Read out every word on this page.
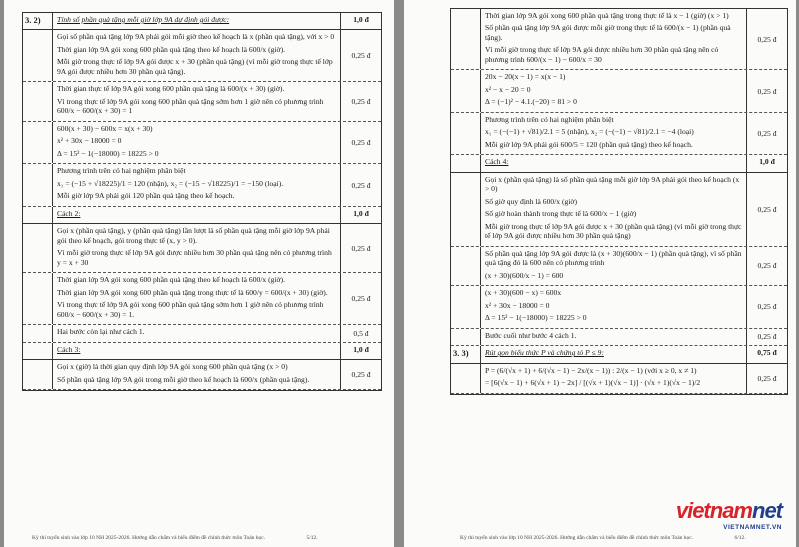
3. 2)	Tính số phần quà tặng mỗi giờ lớp 9A dự định gói được:	1,0 đ
Gọi số phần quà tặng lớp 9A phải gói mỗi giờ theo kế hoạch là x (phần quà tặng), với x > 0
Thời gian lớp 9A gói xong 600 phần quà tặng theo kế hoạch là 600/x (giờ).
Mỗi giờ trong thực tế lớp 9A gói được x + 30 (phần quà tặng) (vì mỗi giờ trong thực tế lớp 9A gói được nhiều hơn 30 phần quà tặng).
0,25 đ
Thời gian thực tế lớp 9A gói xong 600 phần quà tặng là 600/(x + 30) (giờ).
Vì trong thực tế lớp 9A gói xong 600 phần quà tặng sớm hơn 1 giờ nên có phương trình 600/x − 600/(x + 30) = 1
0,25 đ
600(x + 30) − 600x = x(x + 30)
x² + 30x − 18000 = 0
Δ = 15² − 1(−18000) = 18225 > 0
0,25 đ
Phương trình trên có hai nghiệm phân biệt
x₁ = (−15 + √18225)/1 = 120 (nhận), x₂ = (−15 − √18225)/1 = −150 (loại).
Mỗi giờ lớp 9A phải gói 120 phần quà tặng theo kế hoạch.
0,25 đ
Cách 2:	1,0 đ
Gọi x (phần quà tặng), y (phần quà tặng) lần lượt là số phần quà tặng mỗi giờ lớp 9A phải gói theo kế hoạch, gói trong thực tế (x, y > 0).
Vì mỗi giờ trong thực tế lớp 9A gói được nhiều hơn 30 phần quà tặng nên có phương trình y = x + 30
0,25 đ
Thời gian lớp 9A gói xong 600 phần quà tặng theo kế hoạch là 600/x (giờ).
Thời gian lớp 9A gói xong 600 phần quà tặng trong thực tế là 600/y = 600/(x + 30) (giờ).
Vì trong thực tế lớp 9A gói xong 600 phần quà tặng sớm hơn 1 giờ nên có phương trình 600/x − 600/(x + 30) = 1.
0,25 đ
Hai bước còn lại như cách 1.	0,5 đ
Cách 3:	1,0 đ
Gọi x (giờ) là thời gian quy định lớp 9A gói xong 600 phần quà tặng (x > 0)
Số phần quà tặng lớp 9A gói trong mỗi giờ theo kế hoạch là 600/x (phần quà tặng).	0,25 đ
Kỳ thi tuyển sinh vào lớp 10 NH 2025-2026. Hướng dẫn chấm và biểu điểm đề chính thức môn Toán học.	5/12.
Thời gian lớp 9A gói xong 600 phần quà tặng trong thực tế là x − 1 (giờ) (x > 1)
Số phần quà tặng lớp 9A gói được mỗi giờ trong thực tế là 600/(x − 1) (phần quà tặng).
Vì mỗi giờ trong thực tế lớp 9A gói được nhiều hơn 30 phần quà tặng nên có phương trình 600/(x − 1) − 600/x = 30
0,25 đ
20x − 20(x − 1) = x(x − 1)
x² − x − 20 = 0
Δ = (−1)² − 4.1.(−20) = 81 > 0
0,25 đ
Phương trình trên có hai nghiệm phân biệt
x₁ = (−(−1) + √81)/2.1 = 5 (nhận), x₂ = (−(−1) − √81)/2.1 = −4 (loại)
Mỗi giờ lớp 9A phải gói 600/5 = 120 (phần quà tặng) theo kế hoạch.
0,25 đ
Cách 4:	1,0 đ
Gọi x (phần quà tặng) là số phần quà tặng mỗi giờ lớp 9A phải gói theo kế hoạch (x > 0)
Số giờ quy định là 600/x (giờ)
Số giờ hoàn thành trong thực tế là 600/x − 1 (giờ)
Mỗi giờ trong thực tế lớp 9A gói được x + 30 (phần quà tặng) (vì mỗi giờ trong thực tế lớp 9A gói được nhiều hơn 30 phần quà tặng)
0,25 đ
Số phần quà tặng lớp 9A gói được là (x + 30)(600/x − 1) (phần quà tặng), vì số phần quà tặng đó là 600 nên có phương trình
(x + 30)(600/x − 1) = 600
0,25 đ
(x + 30)(600 − x) = 600x
x² + 30x − 18000 = 0
Δ = 15² − 1(−18000) = 18225 > 0
0,25 đ
Bước cuối như bước 4 cách 1.	0,25 đ
3. 3)	Rút gọn biểu thức P và chứng tỏ P ≤ 9:	0,75 đ
P = (6/(√x + 1) + 6/(√x − 1) − 2x/(x − 1)) : 2/(x − 1) (với x ≥ 0, x ≠ 1)
= [6(√x − 1) + 6(√x + 1) − 2x] / [(√x + 1)(√x − 1)] · (√x + 1)(√x − 1)/2	0,25 đ
Kỳ thi tuyển sinh vào lớp 10 NH 2025-2026. Hướng dẫn chấm và biểu điểm đề chính thức môn Toán học.	6/12.
vietnamnet
VIETNAMNET.VN
